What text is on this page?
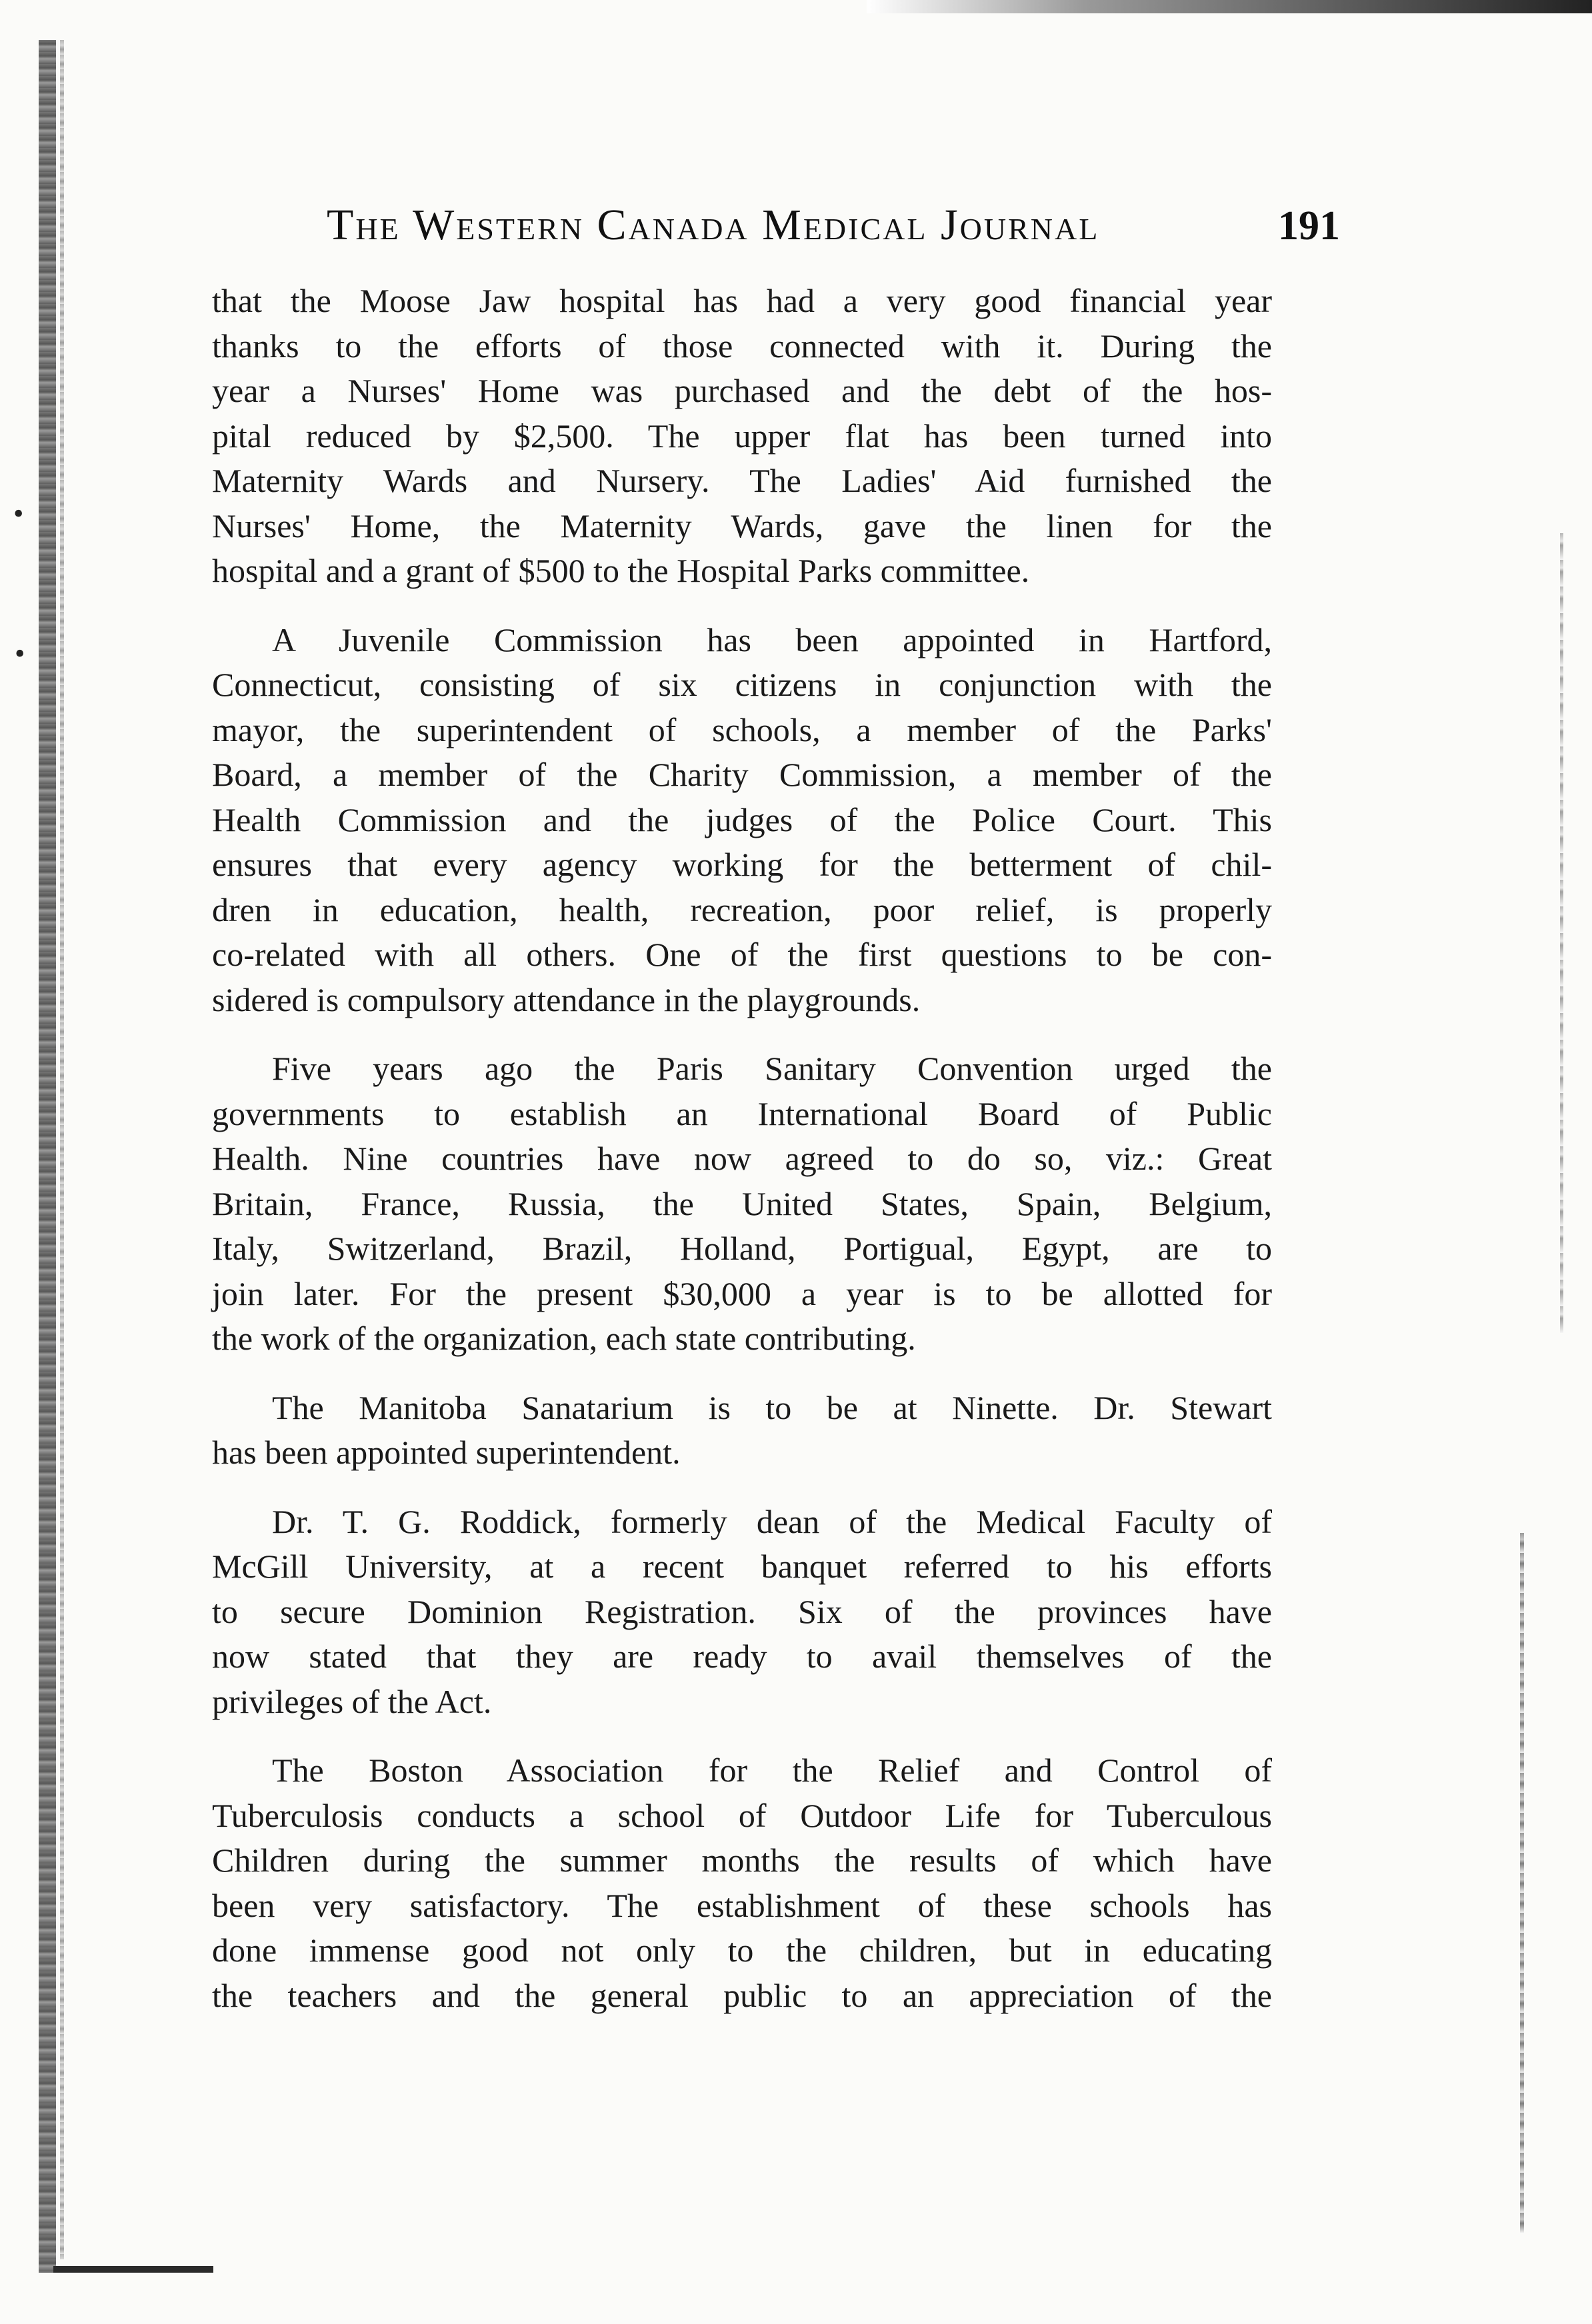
•
•
The Western Canada Medical Journal	191

that the Moose Jaw hospital has had a very good financial year
thanks to the efforts of those connected with it. During the
year a Nurses' Home was purchased and the debt of the hos-
pital reduced by $2,500. The upper flat has been turned into
Maternity Wards and Nursery. The Ladies' Aid furnished the
Nurses' Home, the Maternity Wards, gave the linen for the
hospital and a grant of $500 to the Hospital Parks committee.

A Juvenile Commission has been appointed in Hartford,
Connecticut, consisting of six citizens in conjunction with the
mayor, the superintendent of schools, a member of the Parks'
Board, a member of the Charity Commission, a member of the
Health Commission and the judges of the Police Court. This
ensures that every agency working for the betterment of chil-
dren in education, health, recreation, poor relief, is properly
co-related with all others. One of the first questions to be con-
sidered is compulsory attendance in the playgrounds.

Five years ago the Paris Sanitary Convention urged the
governments to establish an International Board of Public
Health. Nine countries have now agreed to do so, viz.: Great
Britain, France, Russia, the United States, Spain, Belgium,
Italy, Switzerland, Brazil, Holland, Portigual, Egypt, are to
join later. For the present $30,000 a year is to be allotted for
the work of the organization, each state contributing.

The Manitoba Sanatarium is to be at Ninette. Dr. Stewart
has been appointed superintendent.

Dr. T. G. Roddick, formerly dean of the Medical Faculty of
McGill University, at a recent banquet referred to his efforts
to secure Dominion Registration. Six of the provinces have
now stated that they are ready to avail themselves of the
privileges of the Act.

The Boston Association for the Relief and Control of
Tuberculosis conducts a school of Outdoor Life for Tuberculous
Children during the summer months the results of which have
been very satisfactory. The establishment of these schools has
done immense good not only to the children, but in educating
the teachers and the general public to an appreciation of the
